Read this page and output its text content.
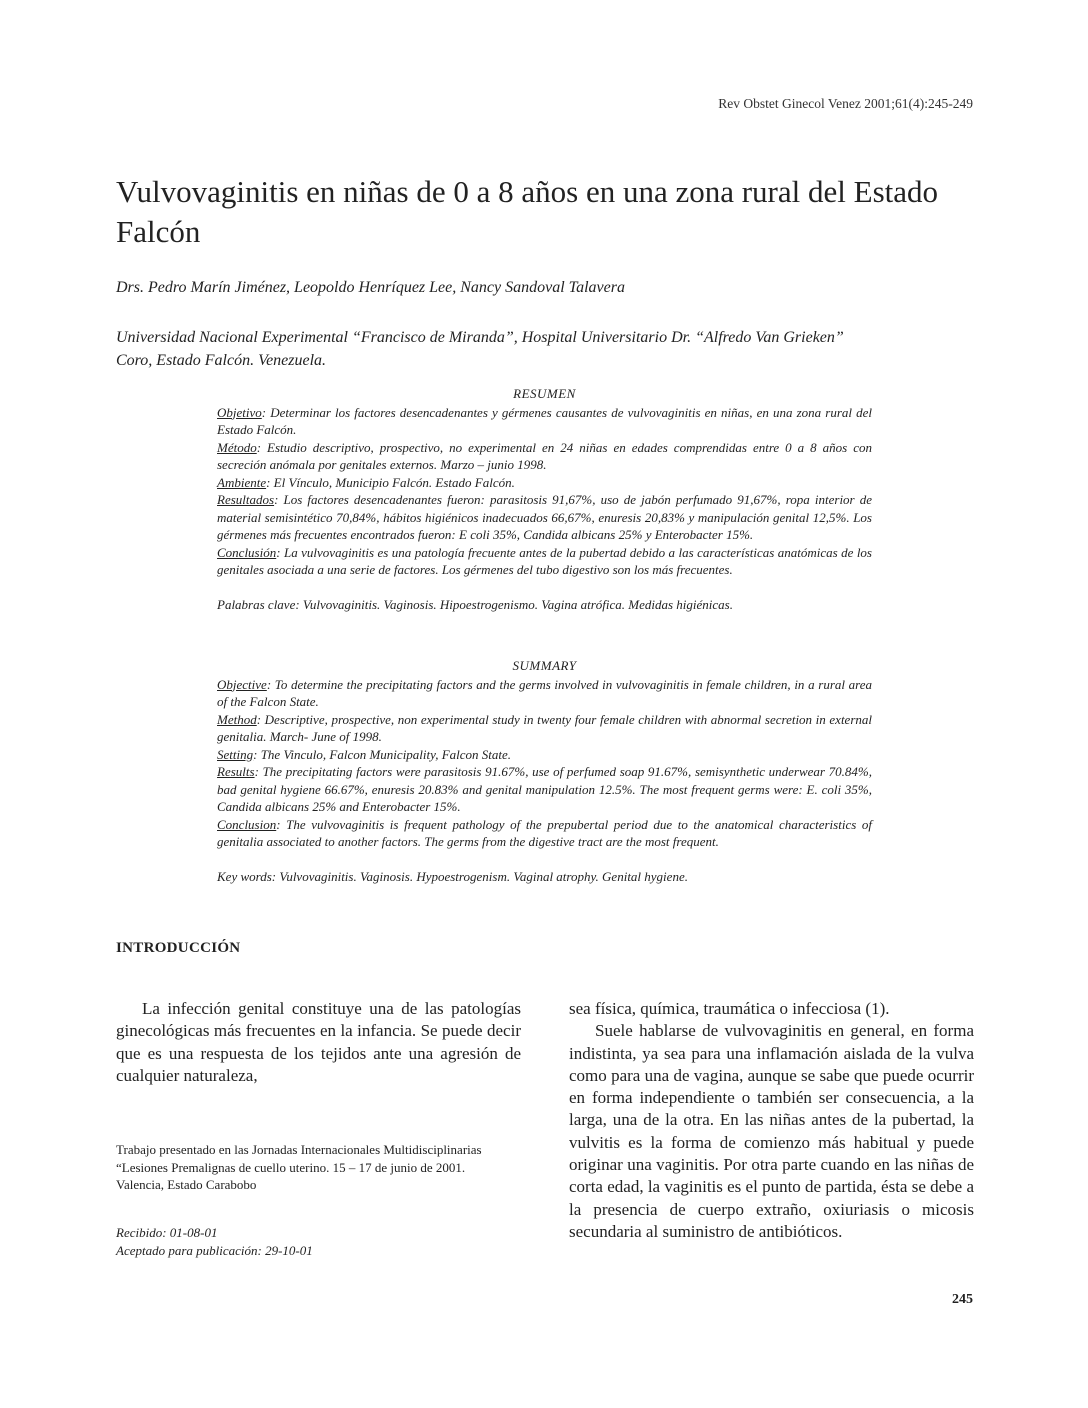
Rev Obstet Ginecol Venez 2001;61(4):245-249
Vulvovaginitis en niñas de 0 a 8 años en una zona rural del Estado Falcón
Drs. Pedro Marín Jiménez, Leopoldo Henríquez Lee, Nancy Sandoval Talavera
Universidad Nacional Experimental “Francisco de Miranda”, Hospital Universitario Dr. “Alfredo Van Grieken”
Coro, Estado Falcón. Venezuela.

RESUMEN

Objetivo: Determinar los factores desencadenantes y gérmenes causantes de vulvovaginitis en niñas, en una zona rural del Estado Falcón.

Método: Estudio descriptivo, prospectivo, no experimental en 24 niñas en edades comprendidas entre 0 a 8 años con secreción anómala por genitales externos. Marzo – junio 1998.

Ambiente: El Vínculo, Municipio Falcón. Estado Falcón.

Resultados: Los factores desencadenantes fueron: parasitosis 91,67%, uso de jabón perfumado 91,67%, ropa interior de material semisintético 70,84%, hábitos higiénicos inadecuados 66,67%, enuresis 20,83% y manipulación genital 12,5%. Los gérmenes más frecuentes encontrados fueron: E coli 35%, Candida albicans 25% y Enterobacter 15%.

Conclusión: La vulvovaginitis es una patología frecuente antes de la pubertad debido a las características anatómicas de los genitales asociada a una serie de factores. Los gérmenes del tubo digestivo son los más frecuentes.

Palabras clave: Vulvovaginitis. Vaginosis. Hipoestrogenismo. Vagina atrófica. Medidas higiénicas.

SUMMARY

Objective: To determine the precipitating factors and the germs involved in vulvovaginitis in female children, in a rural area of the Falcon State.

Method: Descriptive, prospective, non experimental study in twenty four female children with abnormal secretion in external genitalia. March- June of 1998.

Setting: The Vinculo, Falcon Municipality, Falcon State.

Results: The precipitating factors were parasitosis 91.67%, use of perfumed soap 91.67%, semisynthetic underwear 70.84%, bad genital hygiene 66.67%, enuresis 20.83% and genital manipulation 12.5%. The most frequent germs were: E. coli 35%, Candida albicans 25% and Enterobacter 15%.

Conclusion: The vulvovaginitis is frequent pathology of the prepubertal period due to the anatomical characteristics of genitalia associated to another factors. The germs from the digestive tract are the most frequent.

Key words: Vulvovaginitis. Vaginosis. Hypoestrogenism. Vaginal atrophy. Genital hygiene.

INTRODUCCIÓN

La infección genital constituye una de las patologías ginecológicas más frecuentes en la infancia. Se puede decir que es una respuesta de los tejidos ante una agresión de cualquier naturaleza,

sea física, química, traumática o infecciosa (1).

Suele hablarse de vulvovaginitis en general, en forma indistinta, ya sea para una inflamación aislada de la vulva como para una de vagina, aunque se sabe que puede ocurrir en forma independiente o también ser consecuencia, a la larga, una de la otra. En las niñas antes de la pubertad, la vulvitis es la forma de comienzo más habitual y puede originar una vaginitis. Por otra parte cuando en las niñas de corta edad, la vaginitis es el punto de partida, ésta se debe a la presencia de cuerpo extraño, oxiuriasis o micosis secundaria al suministro de antibióticos.

Trabajo presentado en las Jornadas Internacionales Multidisciplinarias
“Lesiones Premalignas de cuello uterino. 15 – 17 de junio de 2001.
Valencia, Estado Carabobo
Recibido: 01-08-01
Aceptado para publicación: 29-10-01
245
